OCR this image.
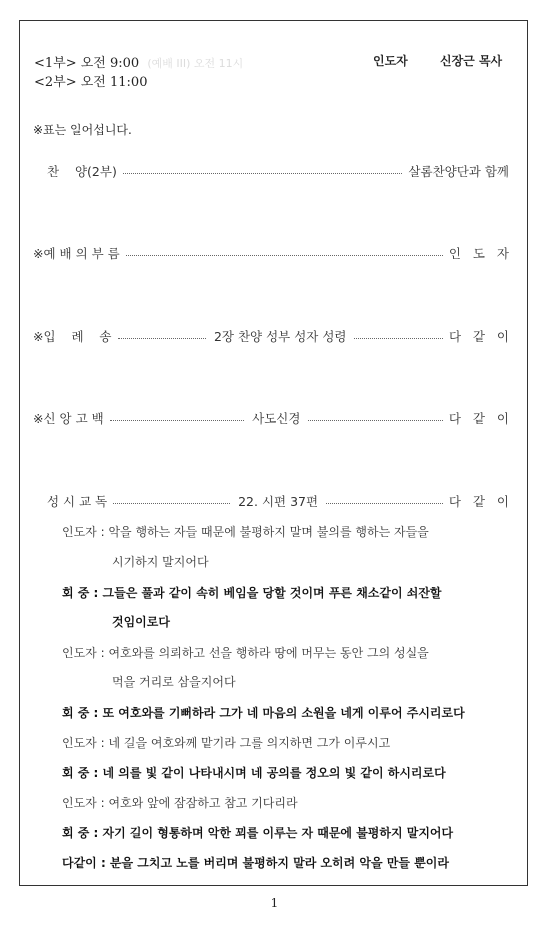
<1부> 오전 9:00 (예배 III) 오전 11시
<2부> 오전 11:00
인도자	신장근 목사
※표는 일어섭니다.
찬    양(2부)	살롬찬양단과 함께
※예 배 의 부 름	인   도   자
※입    례    송	2장 찬양 성부 성자 성령	다   같   이
※신 앙 고 백	사도신경	다   같   이
성 시 교 독	22. 시편 37편	다   같   이
인도자 : 악을 행하는 자들 때문에 불평하지 말며 불의를 행하는 자들을
시기하지 말지어다
회 중 : 그들은 풀과 같이 속히 베임을 당할 것이며 푸른 채소같이 쇠잔할
것임이로다
인도자 : 여호와를 의뢰하고 선을 행하라 땅에 머무는 동안 그의 성실을
먹을 거리로 삼을지어다
회 중 : 또 여호와를 기뻐하라 그가 네 마음의 소원을 네게 이루어 주시리로다
인도자 : 네 길을 여호와께 맡기라 그를 의지하면 그가 이루시고
회 중 : 네 의를 빛 같이 나타내시며 네 공의를 정오의 빛 같이 하시리로다
인도자 : 여호와 앞에 잠잠하고 참고 기다리라
회 중 : 자기 길이 형통하며 악한 꾀를 이루는 자 때문에 불평하지 말지어다
다같이 : 분을 그치고 노를 버리며 불평하지 말라 오히려 악을 만들 뿐이라
1
